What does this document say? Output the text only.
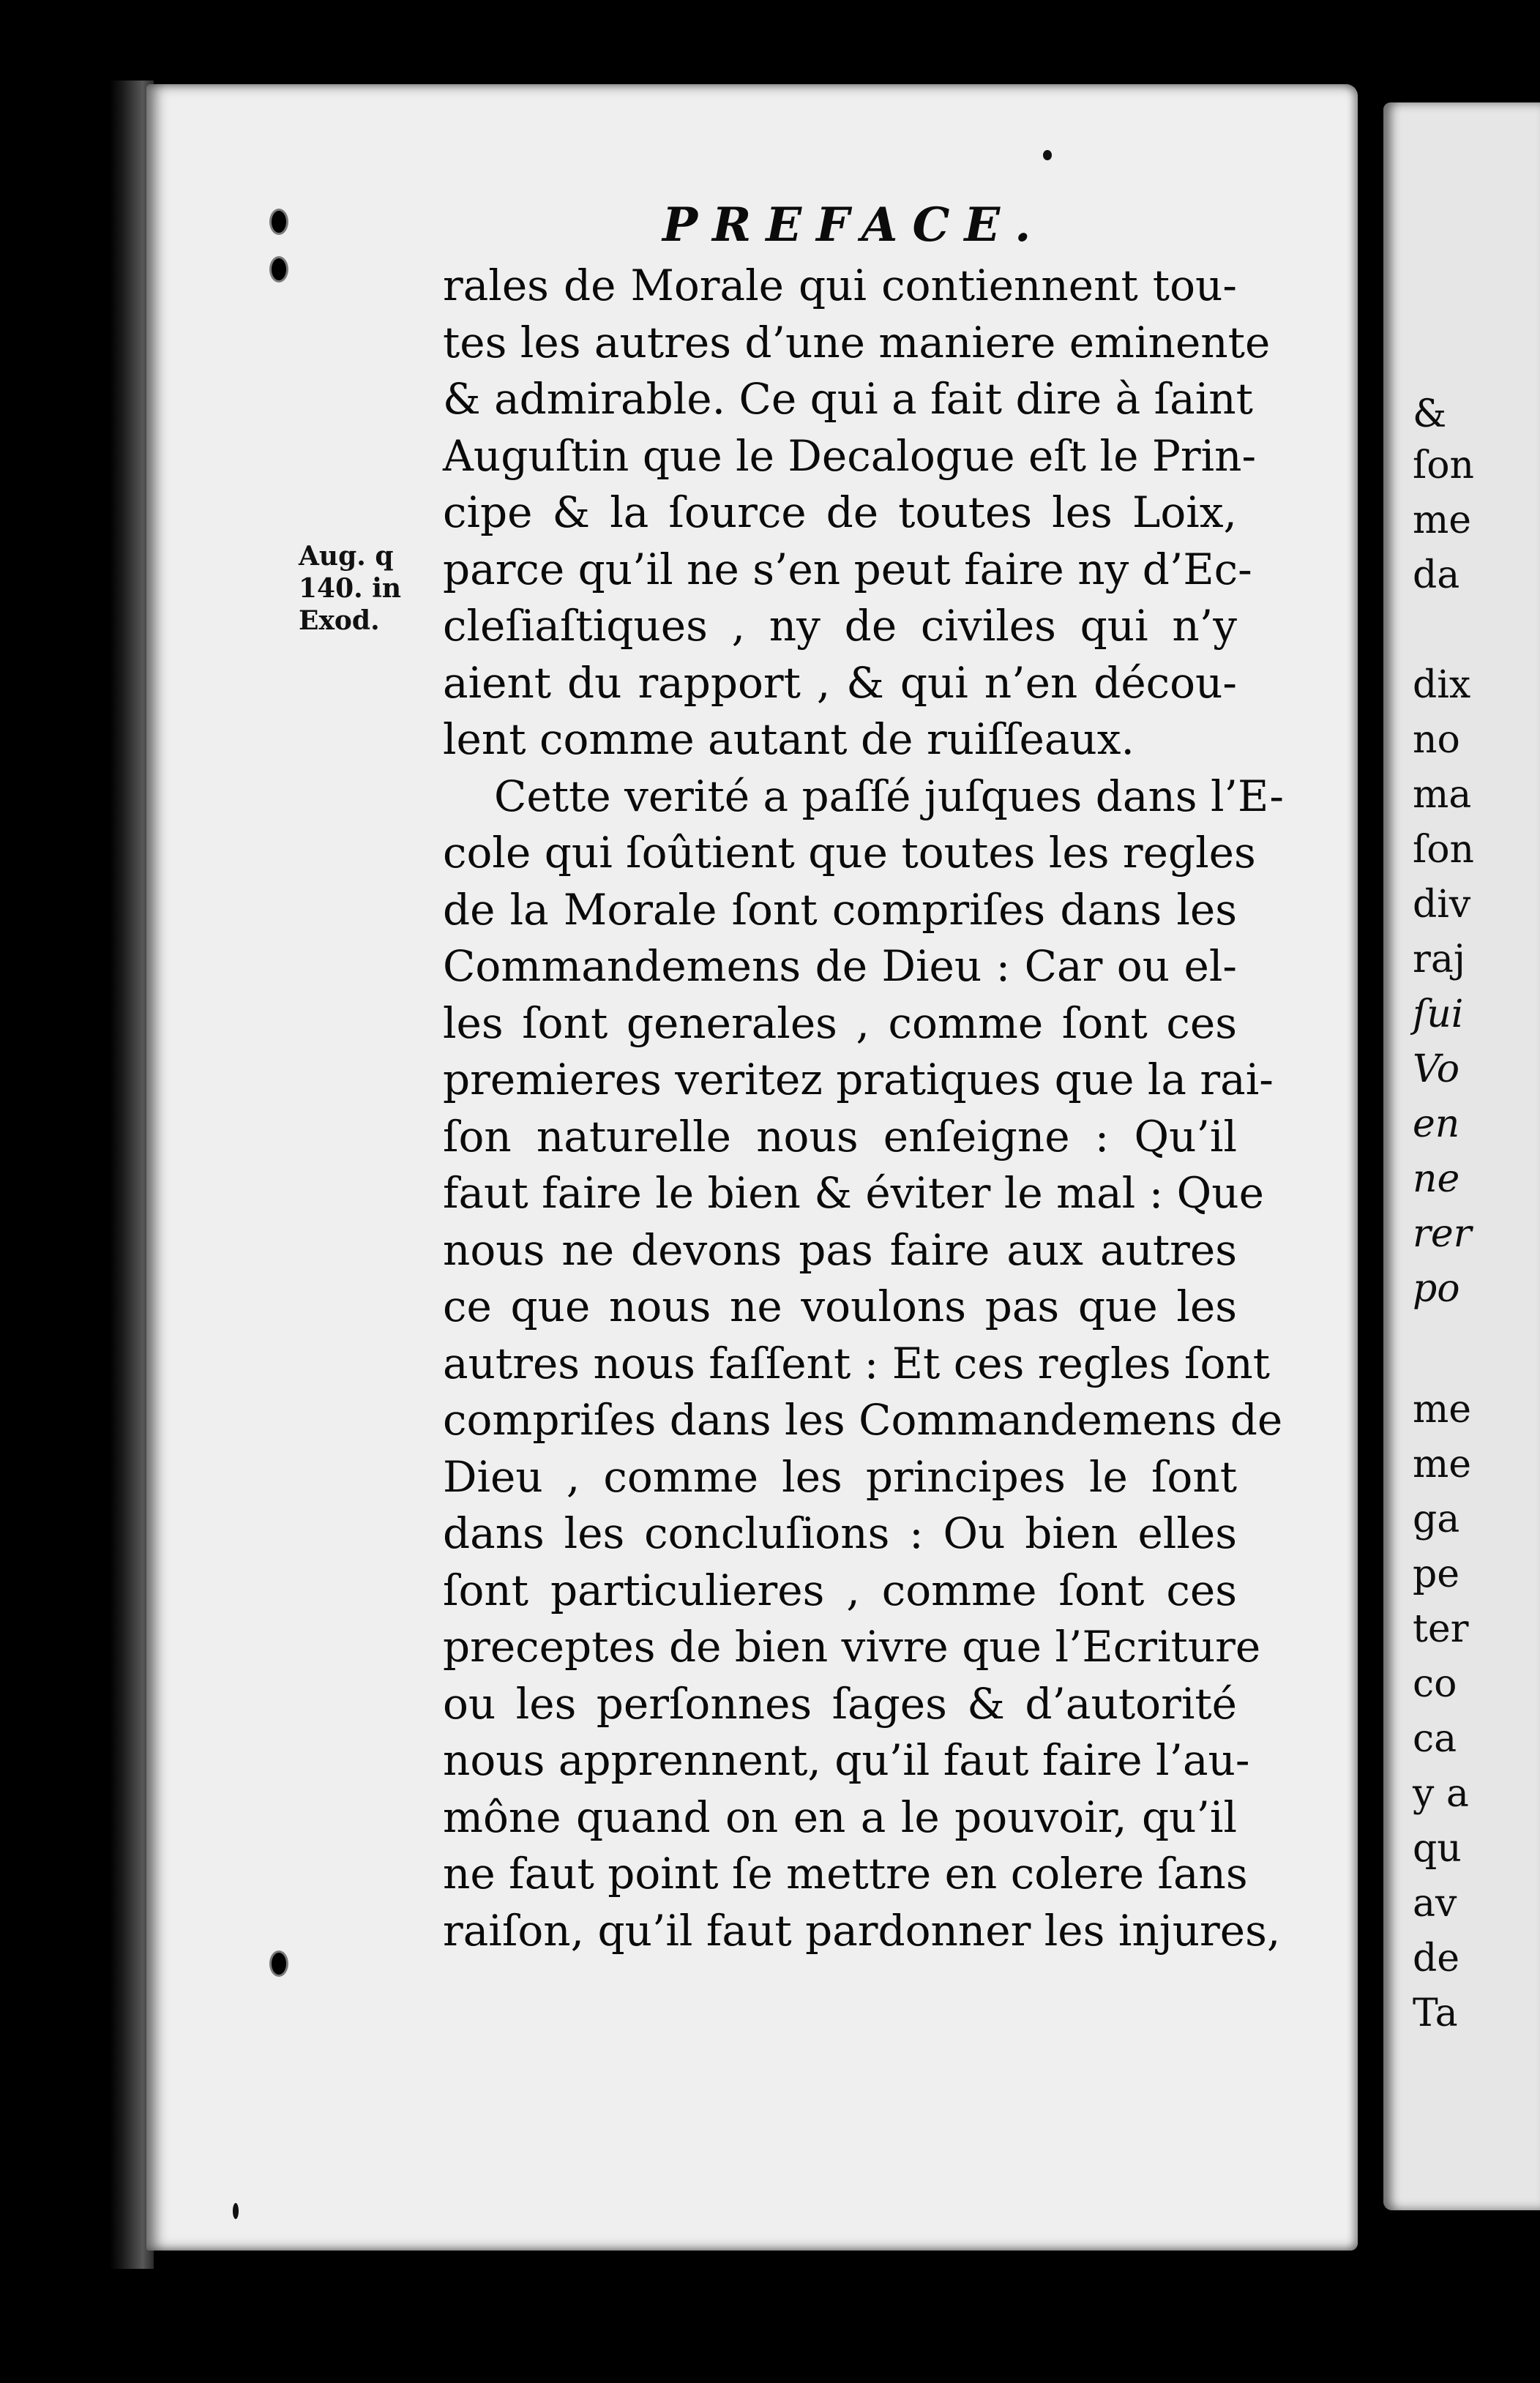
PREFACE.
Aug. q
140. in
Exod.
rales de Morale qui contiennent tou-
tes les autres d’une maniere eminente
& admirable. Ce qui a fait dire à ſaint
Auguſtin que le Decalogue eſt le Prin-
cipe & la ſource de toutes les Loix,
parce qu’il ne s’en peut faire ny d’Ec-
cleſiaſtiques , ny de civiles qui n’y
aient du rapport , & qui n’en décou-
lent comme autant de ruiſſeaux.
Cette verité a paſſé juſques dans l’E-
cole qui ſoûtient que toutes les regles
de la Morale ſont compriſes dans les
Commandemens de Dieu : Car ou el-
les ſont generales , comme ſont ces
premieres veritez pratiques que la rai-
ſon naturelle nous enſeigne : Qu’il
faut faire le bien & éviter le mal : Que
nous ne devons pas faire aux autres
ce que nous ne voulons pas que les
autres nous faſſent : Et ces regles ſont
compriſes dans les Commandemens de
Dieu , comme les principes le ſont
dans les concluſions : Ou bien elles
ſont particulieres , comme ſont ces
preceptes de bien vivre que l’Ecriture
ou les perſonnes ſages & d’autorité
nous apprennent, qu’il faut faire l’au-
mône quand on en a le pouvoir, qu’il
ne faut point ſe mettre en colere ſans
raiſon, qu’il faut pardonner les injures,
&
ſon
me
da
dix
no
ma
ſon
div
raj
ſui
Vo
en
ne
rer
po
me
me
ga
pe
ter
co
ca
y a
qu
av
de
Ta
